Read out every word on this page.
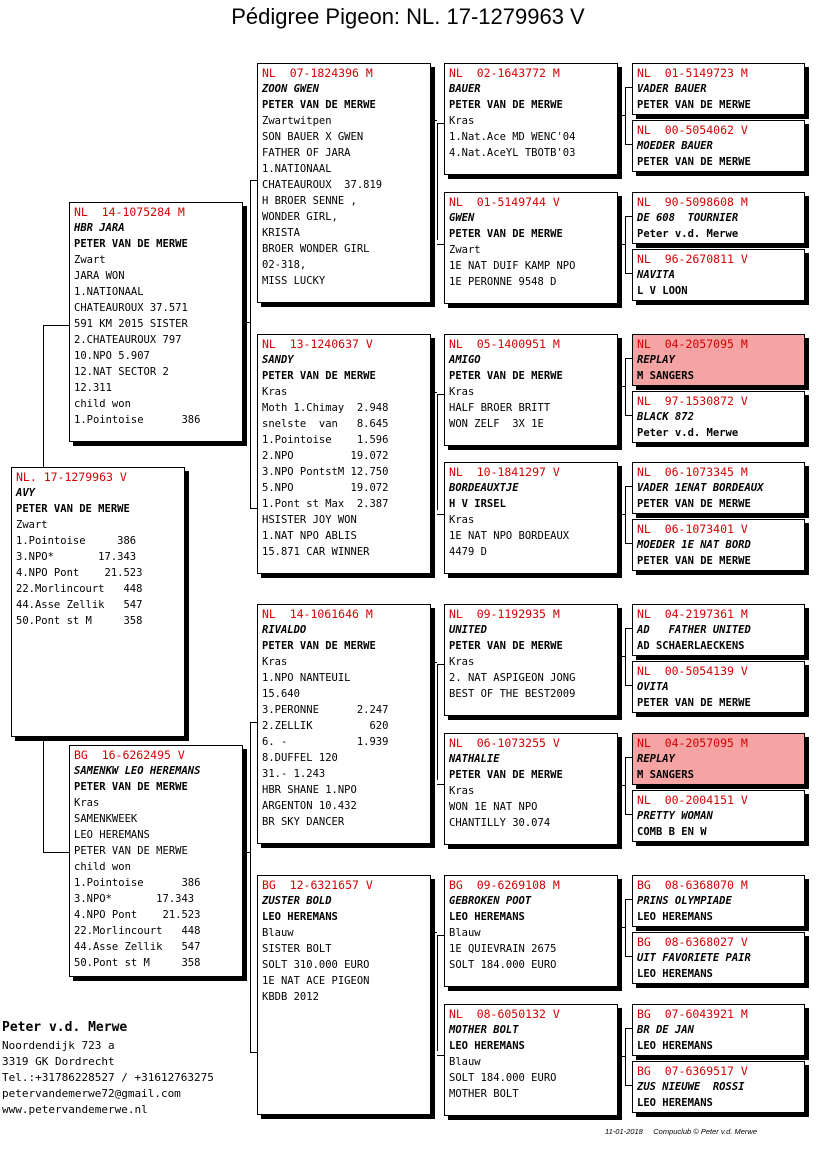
Pédigree Pigeon: NL. 17-1279963 V
NL. 17-1279963 V
AVY
PETER VAN DE MERWE
Zwart
1.Pointoise     386
3.NPO*       17.343
4.NPO Pont    21.523
22.Morlincourt   448
44.Asse Zellik   547
50.Pont st M     358
NL  14-1075284 M
HBR JARA
PETER VAN DE MERWE
Zwart
JARA WON
1.NATIONAAL
CHATEAUROUX 37.571
591 KM 2015 SISTER
2.CHATEAUROUX 797
10.NPO 5.907
12.NAT SECTOR 2
12.311
child won
1.Pointoise      386
BG  16-6262495 V
SAMENKW LEO HEREMANS
PETER VAN DE MERWE
Kras
SAMENKWEEK
LEO HEREMANS
PETER VAN DE MERWE
child won
1.Pointoise      386
3.NPO*       17.343
4.NPO Pont    21.523
22.Morlincourt   448
44.Asse Zellik   547
50.Pont st M     358
NL  07-1824396 M
ZOON GWEN
PETER VAN DE MERWE
Zwartwitpen
SON BAUER X GWEN
FATHER OF JARA
1.NATIONAAL
CHATEAUROUX  37.819
H BROER SENNE ,
WONDER GIRL,
KRISTA
BROER WONDER GIRL
02-318,
MISS LUCKY
NL  13-1240637 V
SANDY
PETER VAN DE MERWE
Kras
Moth 1.Chimay  2.948
snelste  van   8.645
1.Pointoise    1.596
2.NPO         19.072
3.NPO PontstM 12.750
5.NPO         19.072
1.Pont st Max  2.387
HSISTER JOY WON
1.NAT NPO ABLIS
15.871 CAR WINNER
NL  14-1061646 M
RIVALDO
PETER VAN DE MERWE
Kras
1.NPO NANTEUIL
15.640
3.PERONNE      2.247
2.ZELLIK         620
6. -           1.939
8.DUFFEL 120
31.- 1.243
HBR SHANE 1.NPO
ARGENTON 10.432
BR SKY DANCER
BG  12-6321657 V
ZUSTER BOLD
LEO HEREMANS
Blauw
SISTER BOLT
SOLT 310.000 EURO
1E NAT ACE PIGEON
KBDB 2012
NL  02-1643772 M
BAUER
PETER VAN DE MERWE
Kras
1.Nat.Ace MD WENC'04
4.Nat.AceYL TBOTB'03
NL  01-5149744 V
GWEN
PETER VAN DE MERWE
Zwart
1E NAT DUIF KAMP NPO
1E PERONNE 9548 D
NL  05-1400951 M
AMIGO
PETER VAN DE MERWE
Kras
HALF BROER BRITT
WON ZELF  3X 1E
NL  10-1841297 V
BORDEAUXTJE
H V IRSEL
Kras
1E NAT NPO BORDEAUX
4479 D
NL  09-1192935 M
UNITED
PETER VAN DE MERWE
Kras
2. NAT ASPIGEON JONG
BEST OF THE BEST2009
NL  06-1073255 V
NATHALIE
PETER VAN DE MERWE
Kras
WON 1E NAT NPO
CHANTILLY 30.074
BG  09-6269108 M
GEBROKEN POOT
LEO HEREMANS
Blauw
1E QUIEVRAIN 2675
SOLT 184.000 EURO
NL  08-6050132 V
MOTHER BOLT
LEO HEREMANS
Blauw
SOLT 184.000 EURO
MOTHER BOLT
NL  01-5149723 M
VADER BAUER
PETER VAN DE MERWE
NL  00-5054062 V
MOEDER BAUER
PETER VAN DE MERWE
NL  90-5098608 M
DE 608  TOURNIER
Peter v.d. Merwe
NL  96-2670811 V
NAVITA
L V LOON
NL  04-2057095 M
REPLAY
M SANGERS
NL  97-1530872 V
BLACK 872
Peter v.d. Merwe
NL  06-1073345 M
VADER 1ENAT BORDEAUX
PETER VAN DE MERWE
NL  06-1073401 V
MOEDER 1E NAT BORD
PETER VAN DE MERWE
NL  04-2197361 M
AD   FATHER UNITED
AD SCHAERLAECKENS
NL  00-5054139 V
OVITA
PETER VAN DE MERWE
NL  04-2057095 M
REPLAY
M SANGERS
NL  00-2004151 V
PRETTY WOMAN
COMB B EN W
BG  08-6368070 M
PRINS OLYMPIADE
LEO HEREMANS
BG  08-6368027 V
UIT FAVORIETE PAIR
LEO HEREMANS
BG  07-6043921 M
BR DE JAN
LEO HEREMANS
BG  07-6369517 V
ZUS NIEUWE  ROSSI
LEO HEREMANS
Peter v.d. Merwe
Noordendijk 723 a
3319 GK Dordrecht
Tel.:+31786228527 / +31612763275
petervandemerwe72@gmail.com
www.petervandemerwe.nl
11-01-2018 Compuclub © Peter v.d. Merwe
